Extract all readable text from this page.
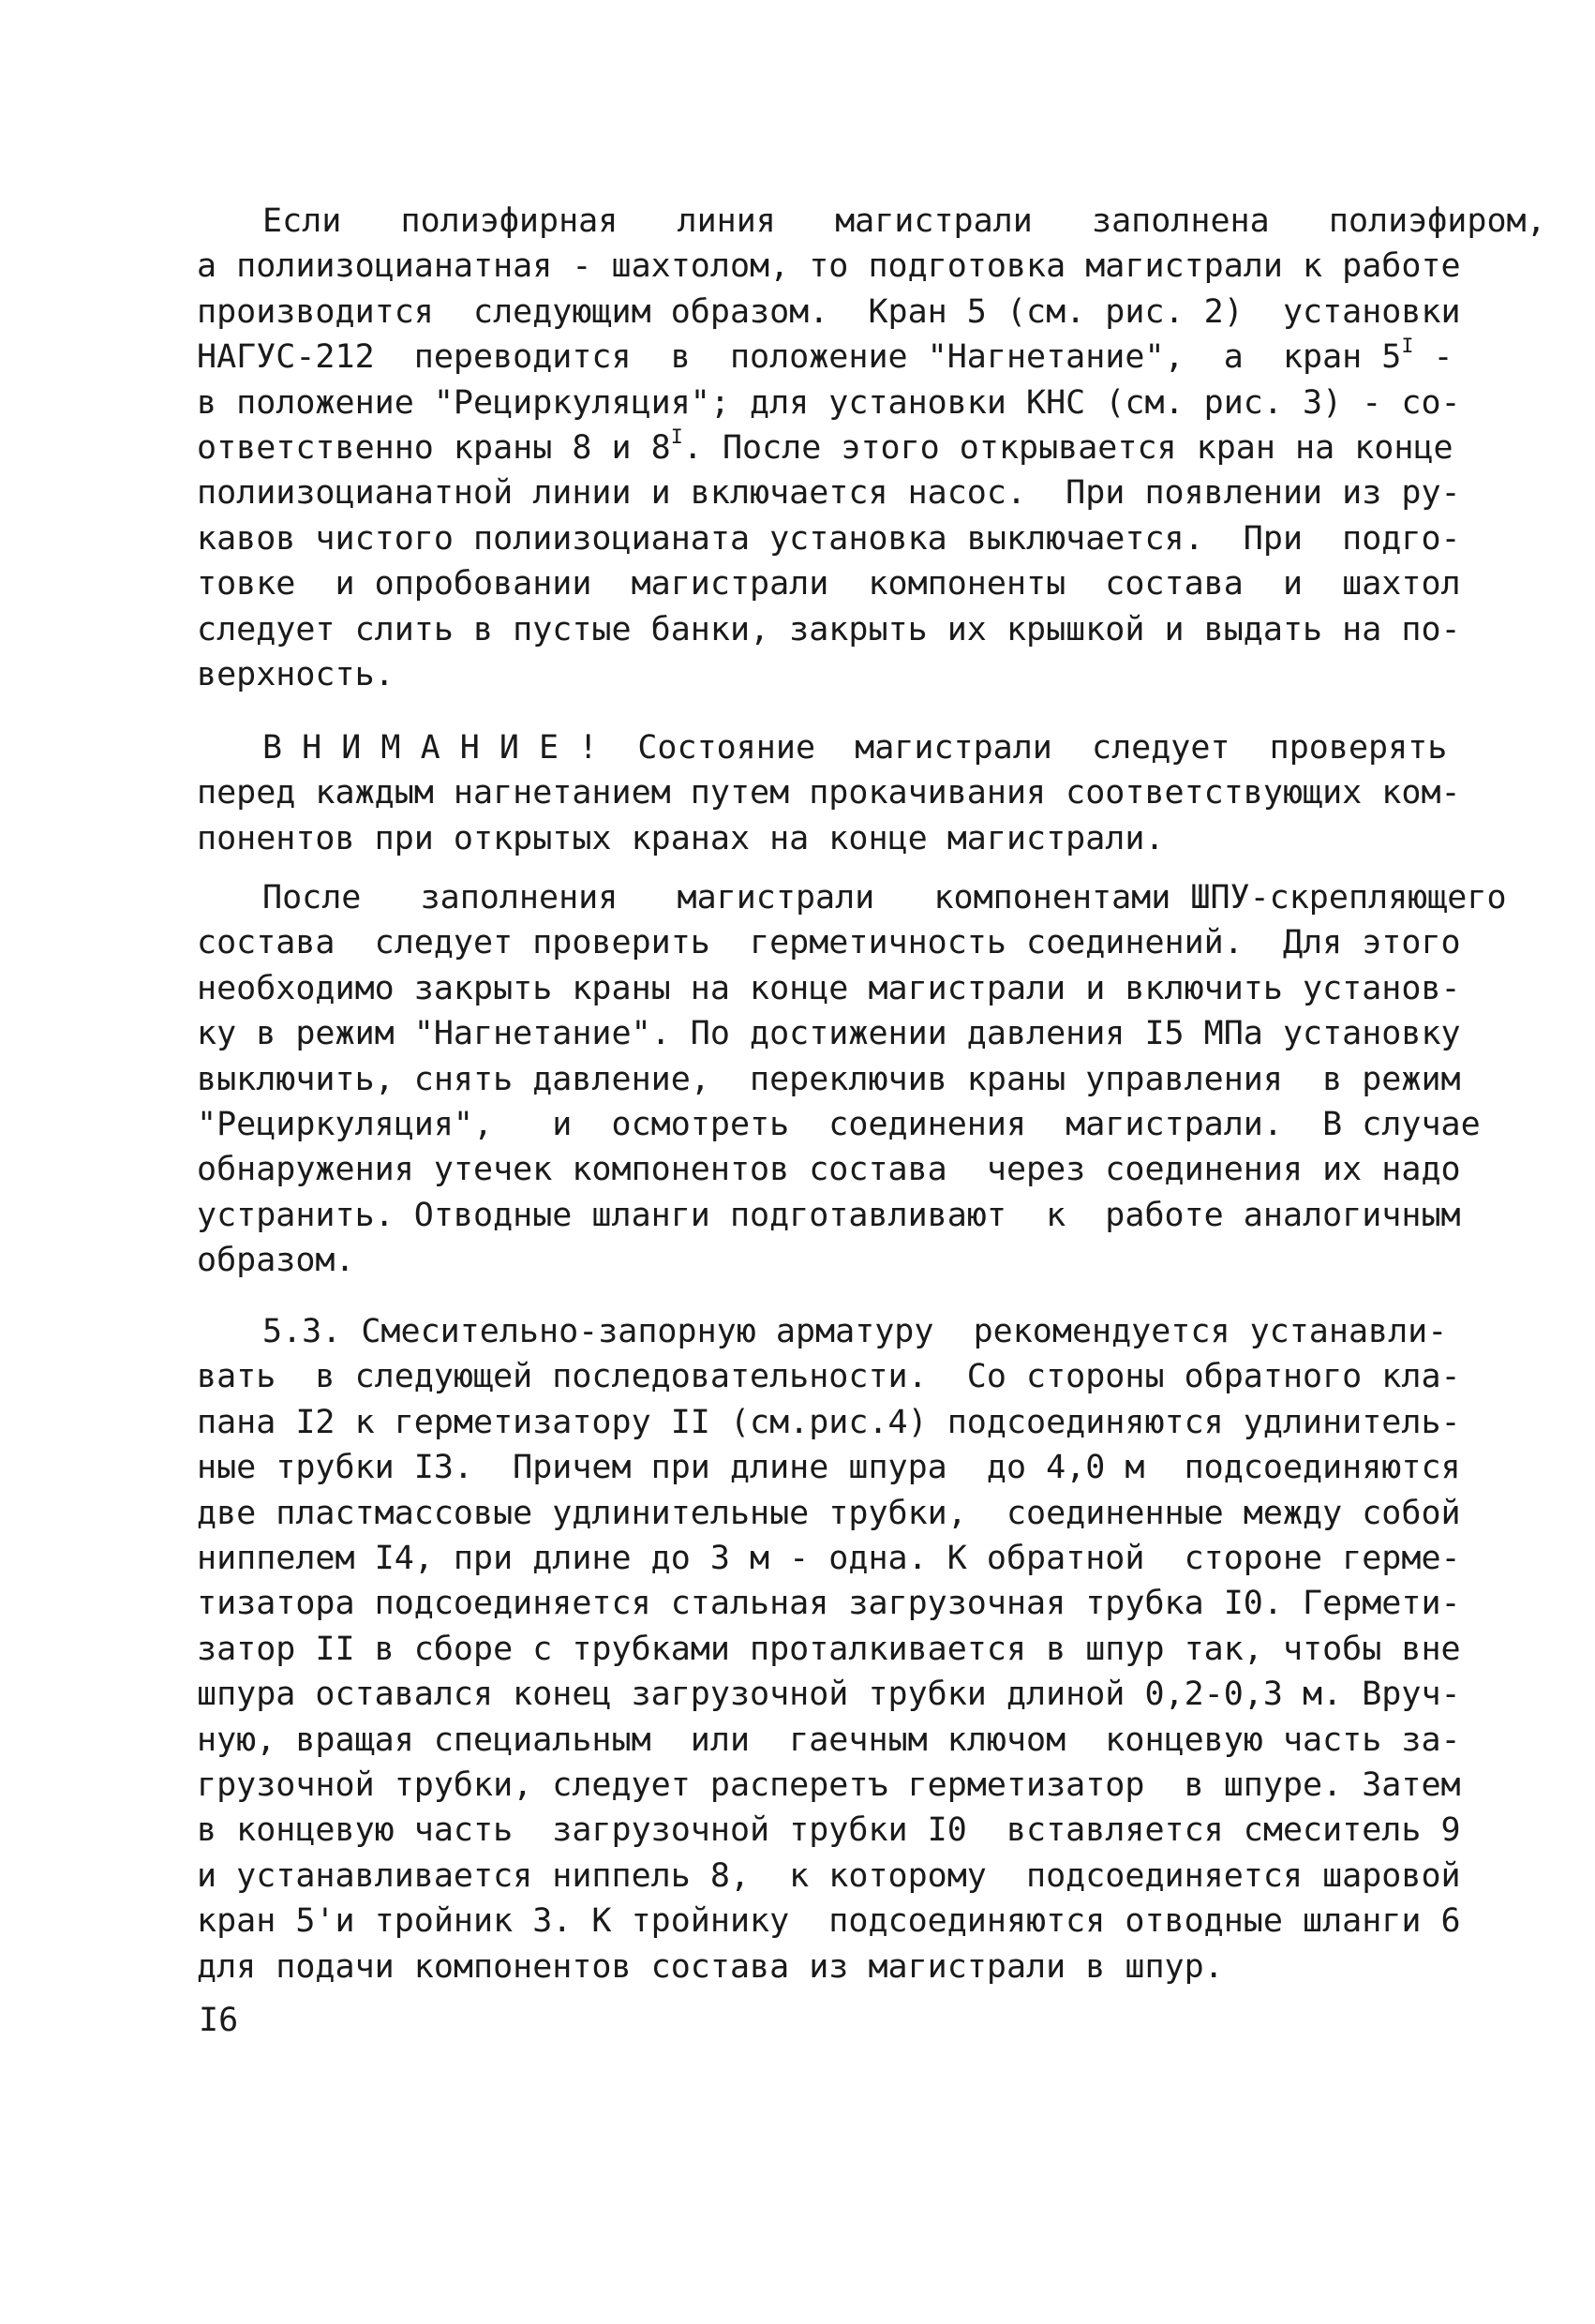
Если   полиэфирная   линия   магистрали   заполнена   полиэфиром,
а полиизоцианатная - шахтолом, то подготовка магистрали к работе
производится  следующим образом.  Кран 5 (см. рис. 2)  установки
НАГУС-212  переводится  в  положение "Нагнетание",  а  кран $5^I$ -
в положение "Рециркуляция"; для установки КНС (см. рис. 3) - со-
ответственно краны 8 и $8^I$. После этого открывается кран на конце
полиизоцианатной линии и включается насос.  При появлении из ру-
кавов чистого полиизоцианата установка выключается.  При  подго-
товке  и опробовании  магистрали  компоненты  состава  и  шахтол
следует слить в пустые банки, закрыть их крышкой и выдать на по-
верхность.
В Н И М А Н И Е !  Состояние  магистрали  следует  проверять
перед каждым нагнетанием путем прокачивания соответствующих ком-
понентов при открытых кранах на конце магистрали.
После   заполнения   магистрали   компонентами ШПУ-скрепляющего
состава  следует проверить  герметичность соединений.  Для этого
необходимо закрыть краны на конце магистрали и включить установ-
ку в режим "Нагнетание". По достижении давления I5 МПа установку
выключить, снять давление,  переключив краны управления  в режим
"Рециркуляция",   и  осмотреть  соединения  магистрали.  В случае
обнаружения утечек компонентов состава  через соединения их надо
устранить. Отводные шланги подготавливают  к  работе аналогичным
образом.
5.3. Смесительно-запорную арматуру  рекомендуется устанавли-
вать  в следующей последовательности.  Со стороны обратного кла-
пана I2 к герметизатору II (см.рис.4) подсоединяются удлинитель-
ные трубки I3.  Причем при длине шпура  до 4,0 м  подсоединяются
две пластмассовые удлинительные трубки,  соединенные между собой
ниппелем I4, при длине до 3 м - одна. К обратной  стороне герме-
тизатора подсоединяется стальная загрузочная трубка I0. Гермети-
затор II в сборе с трубками проталкивается в шпур так, чтобы вне
шпура оставался конец загрузочной трубки длиной 0,2-0,3 м. Вруч-
ную, вращая специальным  или  гаечным ключом  концевую часть за-
грузочной трубки, следует расперетъ герметизатор  в шпуре. Затем
в концевую часть  загрузочной трубки I0  вставляется смеситель 9
и устанавливается ниппель 8,  к которому  подсоединяется шаровой
кран 5'и тройник 3. К тройнику  подсоединяются отводные шланги 6
для подачи компонентов состава из магистрали в шпур.
I6
